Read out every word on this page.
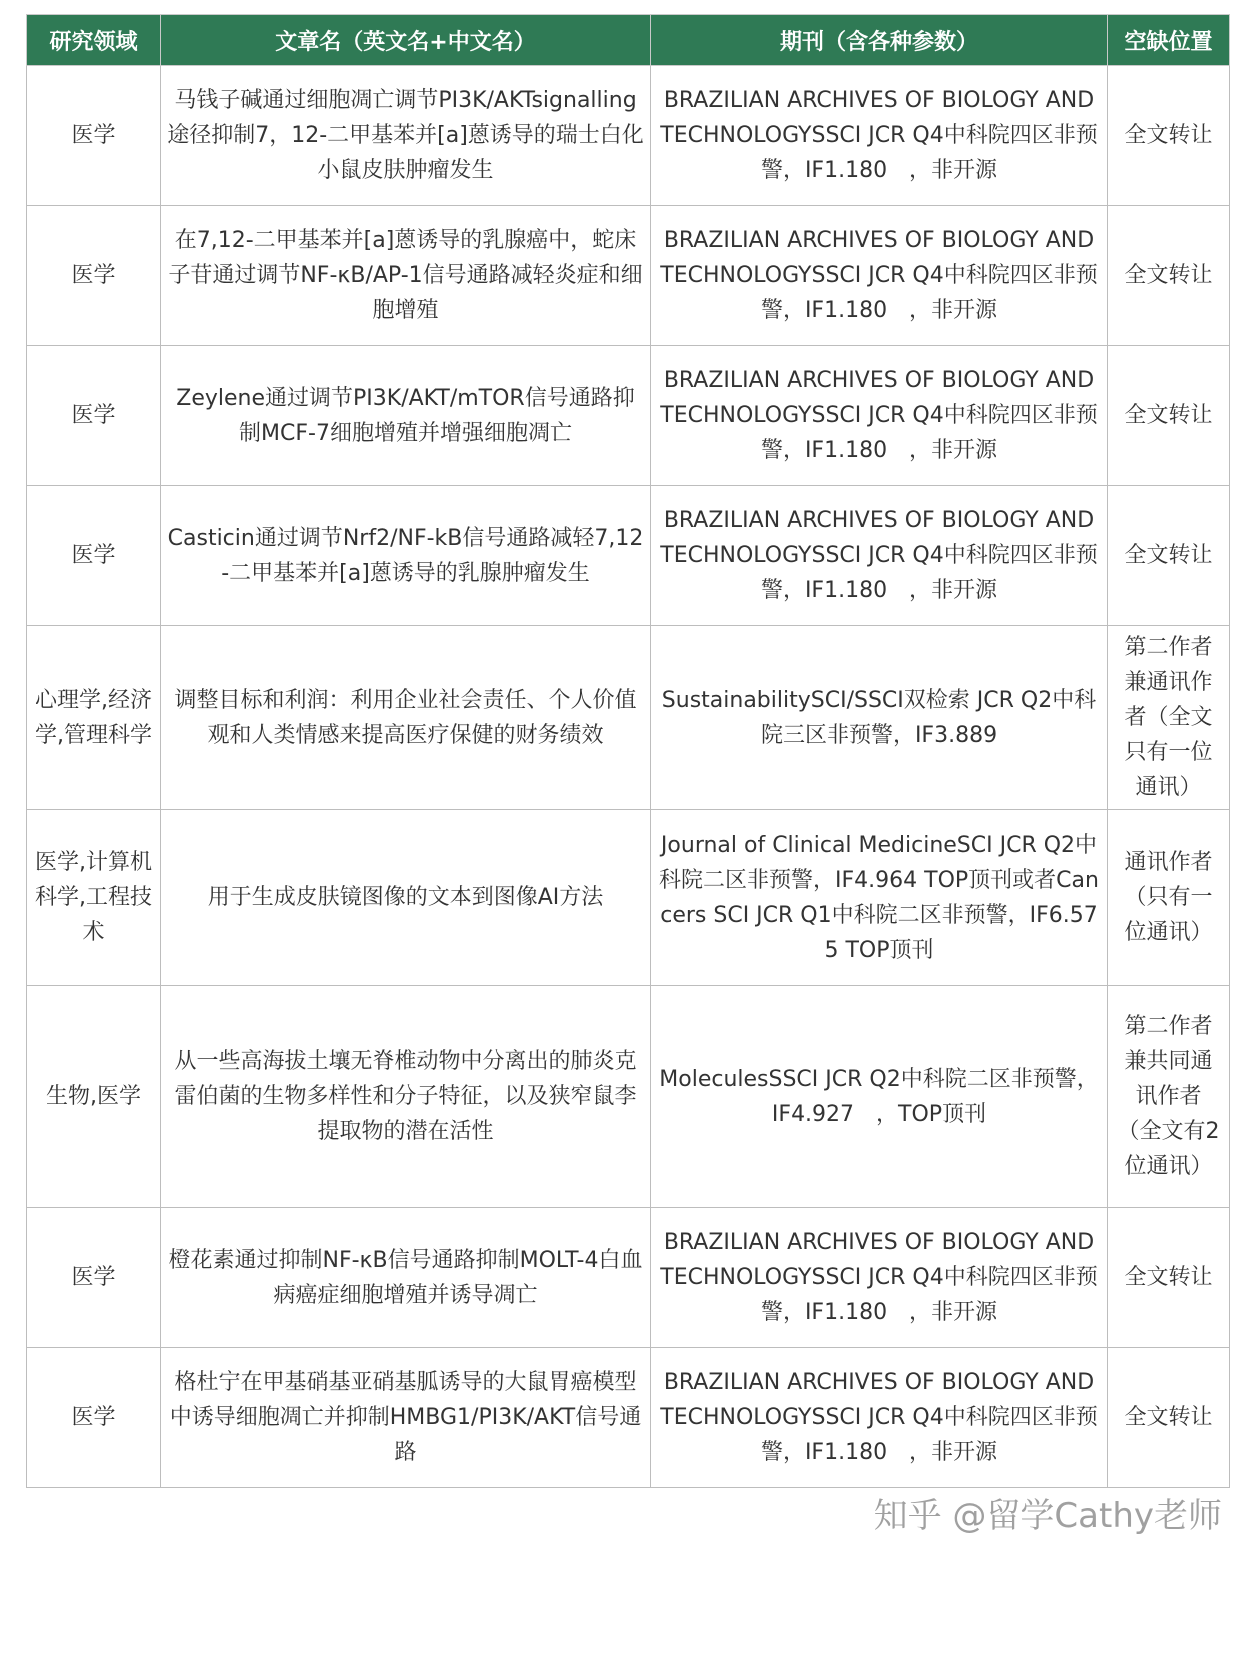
研究领域	文章名（英文名+中文名）	期刊（含各种参数）	空缺位置
医学	马钱子碱通过细胞凋亡调节PI3K/AKTsignalling途径抑制7，12-二甲基苯并[a]蒽诱导的瑞士白化小鼠皮肤肿瘤发生	BRAZILIAN ARCHIVES OF BIOLOGY AND TECHNOLOGYSSCI JCR Q4中科院四区非预警，IF1.180　，非开源	全文转让
医学	在7,12-二甲基苯并[a]蒽诱导的乳腺癌中，蛇床子苷通过调节NF-κB/AP-1信号通路减轻炎症和细胞增殖	BRAZILIAN ARCHIVES OF BIOLOGY AND TECHNOLOGYSSCI JCR Q4中科院四区非预警，IF1.180　，非开源	全文转让
医学	Zeylene通过调节PI3K/AKT/mTOR信号通路抑制MCF-7细胞增殖并增强细胞凋亡	BRAZILIAN ARCHIVES OF BIOLOGY AND TECHNOLOGYSSCI JCR Q4中科院四区非预警，IF1.180　，非开源	全文转让
医学	Casticin通过调节Nrf2/NF-kB信号通路减轻7,12-二甲基苯并[a]蒽诱导的乳腺肿瘤发生	BRAZILIAN ARCHIVES OF BIOLOGY AND TECHNOLOGYSSCI JCR Q4中科院四区非预警，IF1.180　，非开源	全文转让
心理学,经济学,管理科学	调整目标和利润：利用企业社会责任、个人价值观和人类情感来提高医疗保健的财务绩效	SustainabilitySCI/SSCI双检索 JCR Q2中科院三区非预警，IF3.889	第二作者兼通讯作者（全文只有一位通讯）
医学,计算机科学,工程技术	用于生成皮肤镜图像的文本到图像AI方法	Journal of Clinical MedicineSCI JCR Q2中科院二区非预警，IF4.964 TOP顶刊或者Cancers SCI JCR Q1中科院二区非预警，IF6.575 TOP顶刊	通讯作者（只有一位通讯）
生物,医学	从一些高海拔土壤无脊椎动物中分离出的肺炎克雷伯菌的生物多样性和分子特征，以及狭窄鼠李提取物的潜在活性	MoleculesSSCI JCR Q2中科院二区非预警，IF4.927　，TOP顶刊	第二作者兼共同通讯作者（全文有2位通讯）
医学	橙花素通过抑制NF-κB信号通路抑制MOLT-4白血病癌症细胞增殖并诱导凋亡	BRAZILIAN ARCHIVES OF BIOLOGY AND TECHNOLOGYSSCI JCR Q4中科院四区非预警，IF1.180　，非开源	全文转让
医学	格杜宁在甲基硝基亚硝基胍诱导的大鼠胃癌模型中诱导细胞凋亡并抑制HMBG1/PI3K/AKT信号通路	BRAZILIAN ARCHIVES OF BIOLOGY AND TECHNOLOGYSSCI JCR Q4中科院四区非预警，IF1.180　，非开源	全文转让
知乎 @留学Cathy老师
